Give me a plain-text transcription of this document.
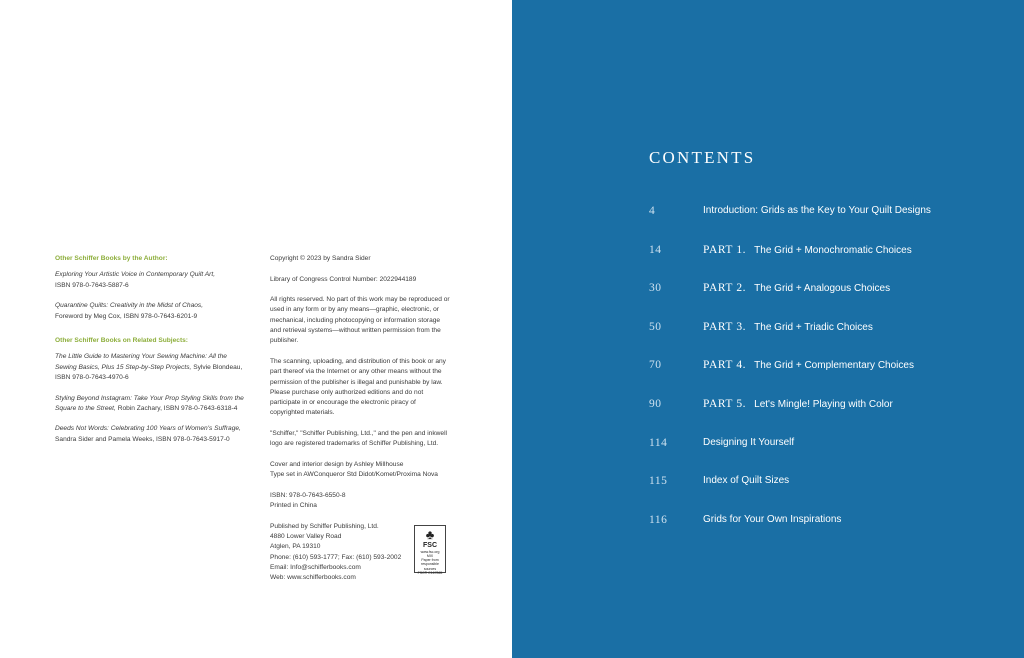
Other Schiffer Books by the Author:
Exploring Your Artistic Voice in Contemporary Quilt Art,
ISBN 978-0-7643-5887-6
Quarantine Quilts: Creativity in the Midst of Chaos,
Foreword by Meg Cox, ISBN 978-0-7643-6201-9
Other Schiffer Books on Related Subjects:
The Little Guide to Mastering Your Sewing Machine: All the Sewing Basics, Plus 15 Step-by-Step Projects, Sylvie Blondeau, ISBN 978-0-7643-4970-6
Styling Beyond Instagram: Take Your Prop Styling Skills from the Square to the Street, Robin Zachary, ISBN 978-0-7643-6318-4
Deeds Not Words: Celebrating 100 Years of Women's Suffrage, Sandra Sider and Pamela Weeks, ISBN 978-0-7643-5917-0
Copyright © 2023 by Sandra Sider
Library of Congress Control Number: 2022944189
All rights reserved. No part of this work may be reproduced or used in any form or by any means—graphic, electronic, or mechanical, including photocopying or information storage and retrieval systems—without written permission from the publisher.
The scanning, uploading, and distribution of this book or any part thereof via the Internet or any other means without the permission of the publisher is illegal and punishable by law. Please purchase only authorized editions and do not participate in or encourage the electronic piracy of copyrighted materials.
"Schiffer," "Schiffer Publishing, Ltd.," and the pen and inkwell logo are registered trademarks of Schiffer Publishing, Ltd.
Cover and interior design by Ashley Millhouse
Type set in AWConqueror Std Didot/Komet/Proxima Nova
ISBN: 978-0-7643-6550-8
Printed in China
Published by Schiffer Publishing, Ltd.
4880 Lower Valley Road
Atglen, PA 19310
Phone: (610) 593-1777; Fax: (610) 593-2002
Email: Info@schifferbooks.com
Web: www.schifferbooks.com
♣
FSC
www.fsc.org
MIX
Paper from responsible sources
FSC® C167865
CONTENTS
4	Introduction: Grids as the Key to Your Quilt Designs
14	PART 1. The Grid + Monochromatic Choices
30	PART 2. The Grid + Analogous Choices
50	PART 3. The Grid + Triadic Choices
70	PART 4. The Grid + Complementary Choices
90	PART 5. Let's Mingle! Playing with Color
114	Designing It Yourself
115	Index of Quilt Sizes
116	Grids for Your Own Inspirations
